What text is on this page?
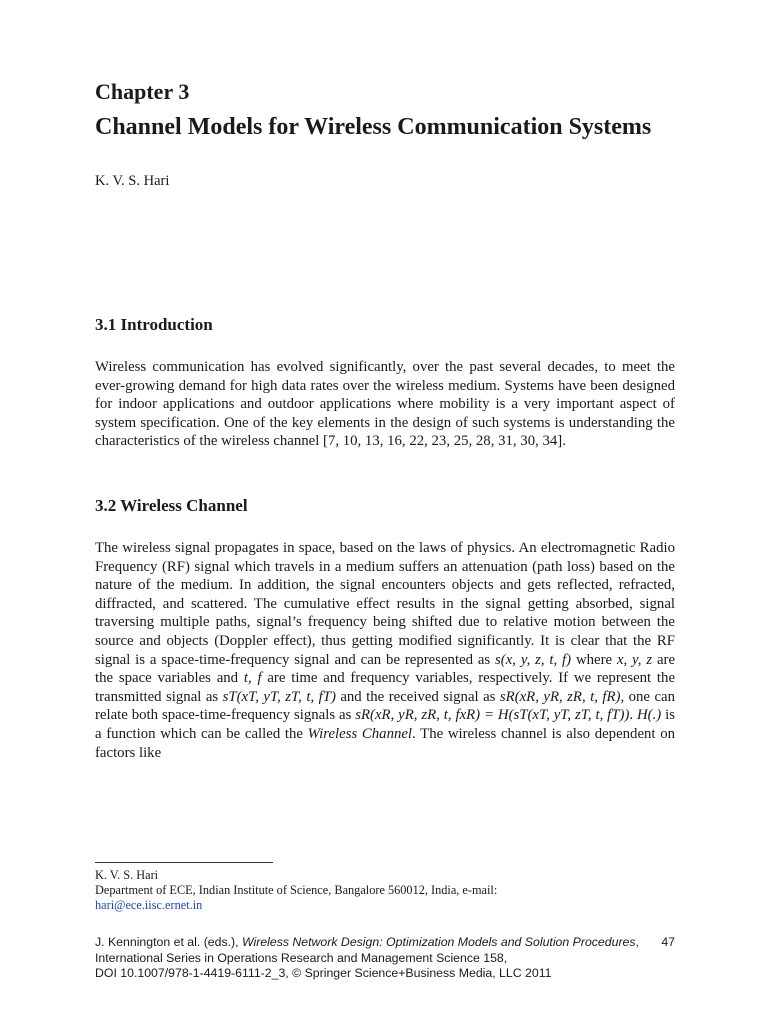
Chapter 3
Channel Models for Wireless Communication Systems
K. V. S. Hari
3.1 Introduction

Wireless communication has evolved significantly, over the past several decades, to meet the ever-growing demand for high data rates over the wireless medium. Systems have been designed for indoor applications and outdoor applications where mobility is a very important aspect of system specification. One of the key elements in the design of such systems is understanding the characteristics of the wireless channel [7, 10, 13, 16, 22, 23, 25, 28, 31, 30, 34].

3.2 Wireless Channel

The wireless signal propagates in space, based on the laws of physics. An electromagnetic Radio Frequency (RF) signal which travels in a medium suffers an attenuation (path loss) based on the nature of the medium. In addition, the signal encounters objects and gets reflected, refracted, diffracted, and scattered. The cumulative effect results in the signal getting absorbed, signal traversing multiple paths, signal’s frequency being shifted due to relative motion between the source and objects (Doppler effect), thus getting modified significantly. It is clear that the RF signal is a space-time-frequency signal and can be represented as s(x, y, z, t, f) where x, y, z are the space variables and t, f are time and frequency variables, respectively. If we represent the transmitted signal as sT(xT, yT, zT, t, fT) and the received signal as sR(xR, yR, zR, t, fR), one can relate both space-time-frequency signals as sR(xR, yR, zR, t, fxR) = H(sT(xT, yT, zT, t, fT)). H(.) is a function which can be called the Wireless Channel. The wireless channel is also dependent on factors like

K. V. S. Hari
Department of ECE, Indian Institute of Science, Bangalore 560012, India, e-mail:
hari@ece.iisc.ernet.in
J. Kennington et al. (eds.), Wireless Network Design: Optimization Models and Solution Procedures, International Series in Operations Research and Management Science 158,
DOI 10.1007/978-1-4419-6111-2_3, © Springer Science+Business Media, LLC 2011
47
